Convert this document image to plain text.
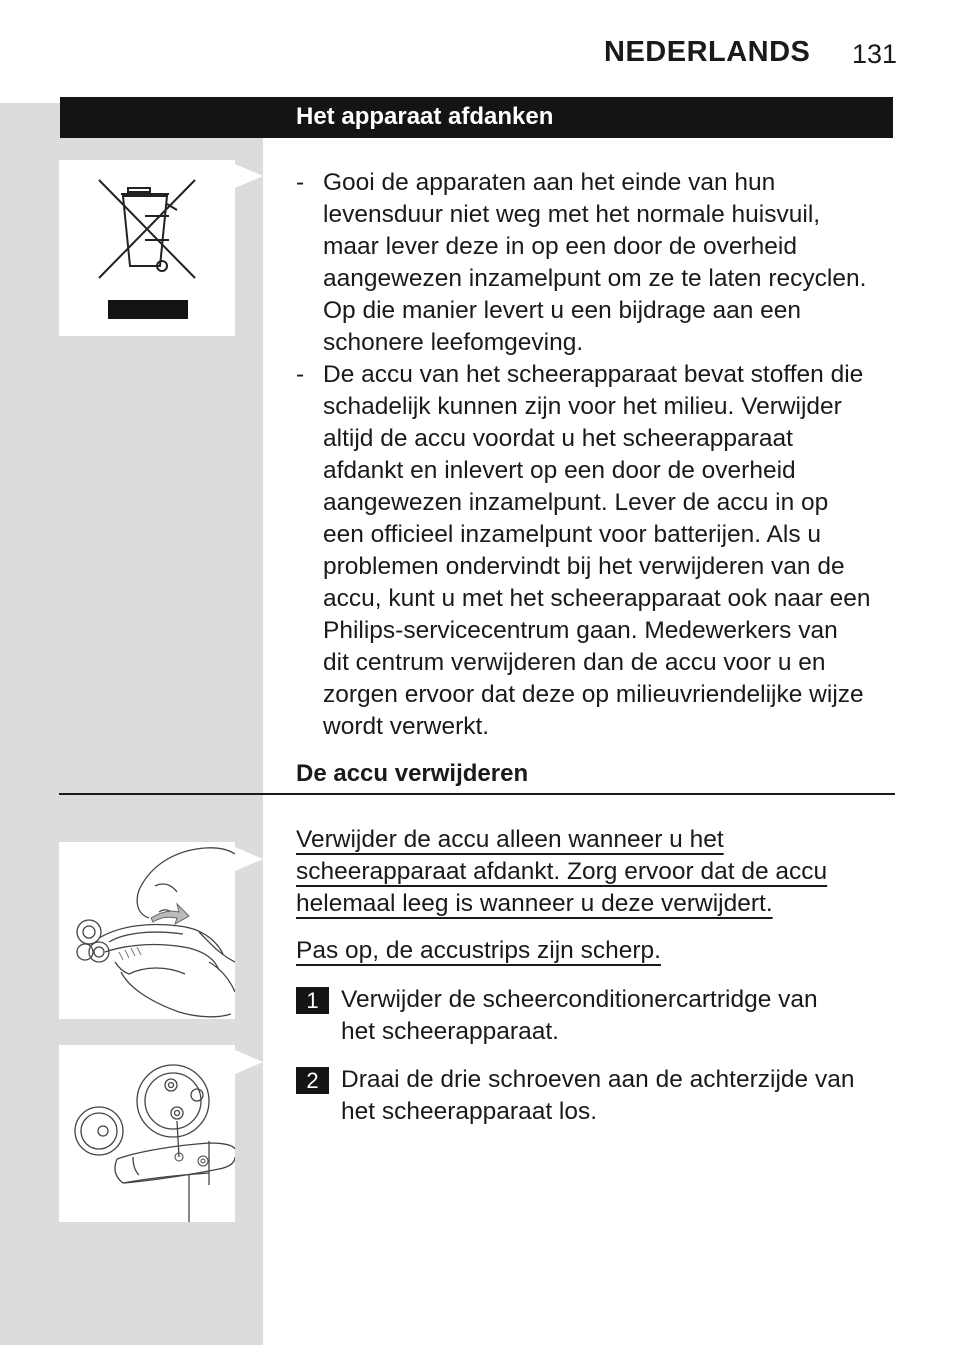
NEDERLANDS 131
Het apparaat afdanken
- Gooi de apparaten aan het einde van hun
levensduur niet weg met het normale huisvuil,
maar lever deze in op een door de overheid
aangewezen inzamelpunt om ze te laten recyclen.
Op die manier levert u een bijdrage aan een
schonere leefomgeving.
- De accu van het scheerapparaat bevat stoffen die
schadelijk kunnen zijn voor het milieu. Verwijder
altijd de accu voordat u het scheerapparaat
afdankt en inlevert op een door de overheid
aangewezen inzamelpunt. Lever de accu in op
een officieel inzamelpunt voor batterijen. Als u
problemen ondervindt bij het verwijderen van de
accu, kunt u met het scheerapparaat ook naar een
Philips-servicecentrum gaan. Medewerkers van
dit centrum verwijderen dan de accu voor u en
zorgen ervoor dat deze op milieuvriendelijke wijze
wordt verwerkt.
De accu verwijderen
Verwijder de accu alleen wanneer u het
scheerapparaat afdankt. Zorg ervoor dat de accu
helemaal leeg is wanneer u deze verwijdert.
Pas op, de accustrips zijn scherp.
1 Verwijder de scheerconditionercartridge van
het scheerapparaat.
2 Draai de drie schroeven aan de achterzijde van
het scheerapparaat los.
